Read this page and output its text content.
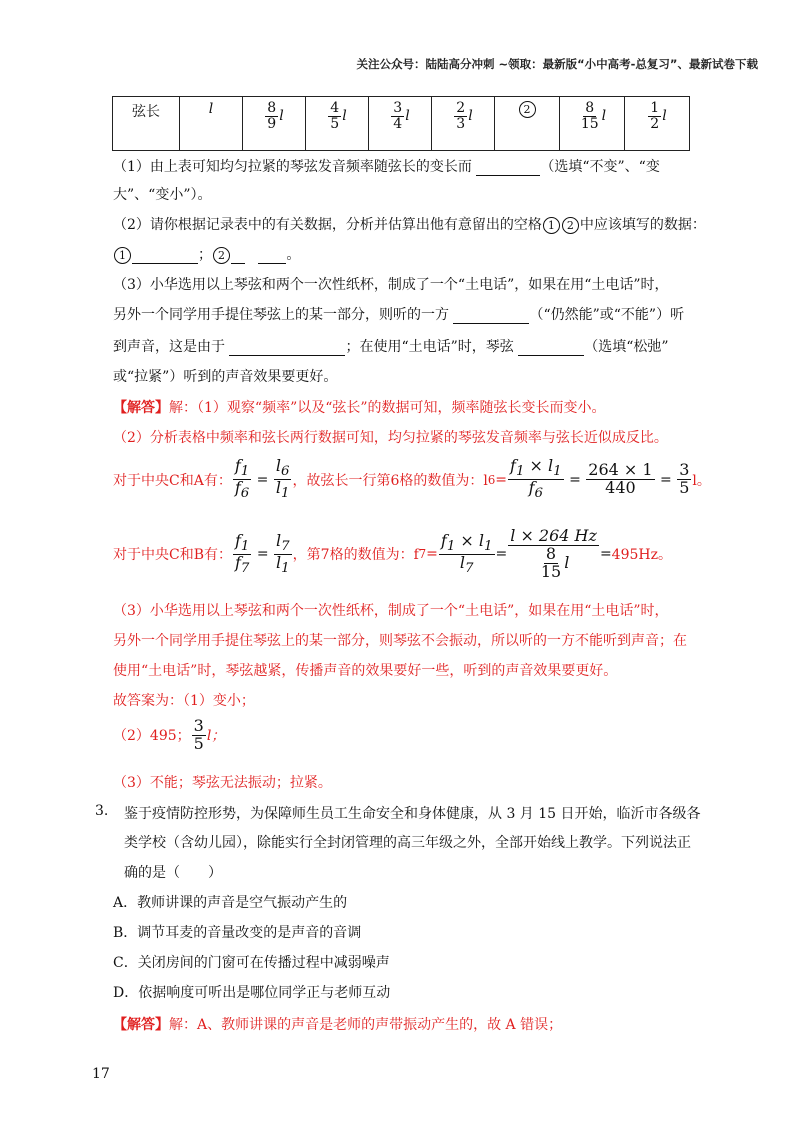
关注公众号：陆陆高分冲刺 ~领取：最新版“小中高考-总复习”、最新试卷下载
弦长	l	$\frac{8}{9}$ l	$\frac{4}{5}$ l	$\frac{3}{4}$ l	$\frac{2}{3}$ l	2	$\frac{8}{15}$ l	$\frac{1}{2}$ l
（1）由上表可知均匀拉紧的琴弦发音频率随弦长的变长而	（选填“不变”、“变
大”、“变小”）。
（2）请你根据记录表中的有关数据，分析并估算出他有意留出的空格 1 2 中应该填写的数据：
1	； 2	。
（3）小华选用以上琴弦和两个一次性纸杯，制成了一个“土电话”，如果在用“土电话”时，
另外一个同学用手提住琴弦上的某一部分，则听的一方	（“仍然能”或“不能”）听
到声音，这是由于	；在使用“土电话”时，琴弦	（选填“松弛”
或“拉紧”）听到的声音效果要更好。
【解答】解：（1）观察“频率”以及“弦长”的数据可知，频率随弦长变长而变小。
（2）分析表格中频率和弦长两行数据可知，均匀拉紧的琴弦发音频率与弦长近似成反比。
对于中央C和A有： $\frac{f_1}{f_6} = \frac{l_6}{l_1}$ ，故弦长一行第6格的数值为：l $6 = \frac{f_1 \times l_1}{f_6} = \frac{264 \times 1}{440} = \frac{3}{5}$ l。
对于中央C和B有： $\frac{f_1}{f_7} = \frac{l_7}{l_1}$ ，第7格的数值为：f $7 = \frac{f_1 \times l_1}{l_7} = \frac{l \times 264 Hz}{\frac{8}{15} l} = 495Hz$。
（3）小华选用以上琴弦和两个一次性纸杯，制成了一个“土电话”，如果在用“土电话”时，
另外一个同学用手提住琴弦上的某一部分，则琴弦不会振动，所以听的一方不能听到声音；在
使用“土电话”时，琴弦越紧，传播声音的效果要好一些，听到的声音效果要更好。
故答案为：（1）变小；
（2）495； $\frac{3}{5}$ l；
（3）不能；琴弦无法振动；拉紧。
3. 鉴于疫情防控形势，为保障师生员工生命安全和身体健康，从 3 月 15 日开始，临沂市各级各
类学校（含幼儿园），除能实行全封闭管理的高三年级之外，全部开始线上教学。下列说法正
确的是（　　）
A．教师讲课的声音是空气振动产生的
B．调节耳麦的音量改变的是声音的音调
C．关闭房间的门窗可在传播过程中减弱噪声
D．依据响度可听出是哪位同学正与老师互动
【解答】解：A、教师讲课的声音是老师的声带振动产生的，故 A 错误；
17
